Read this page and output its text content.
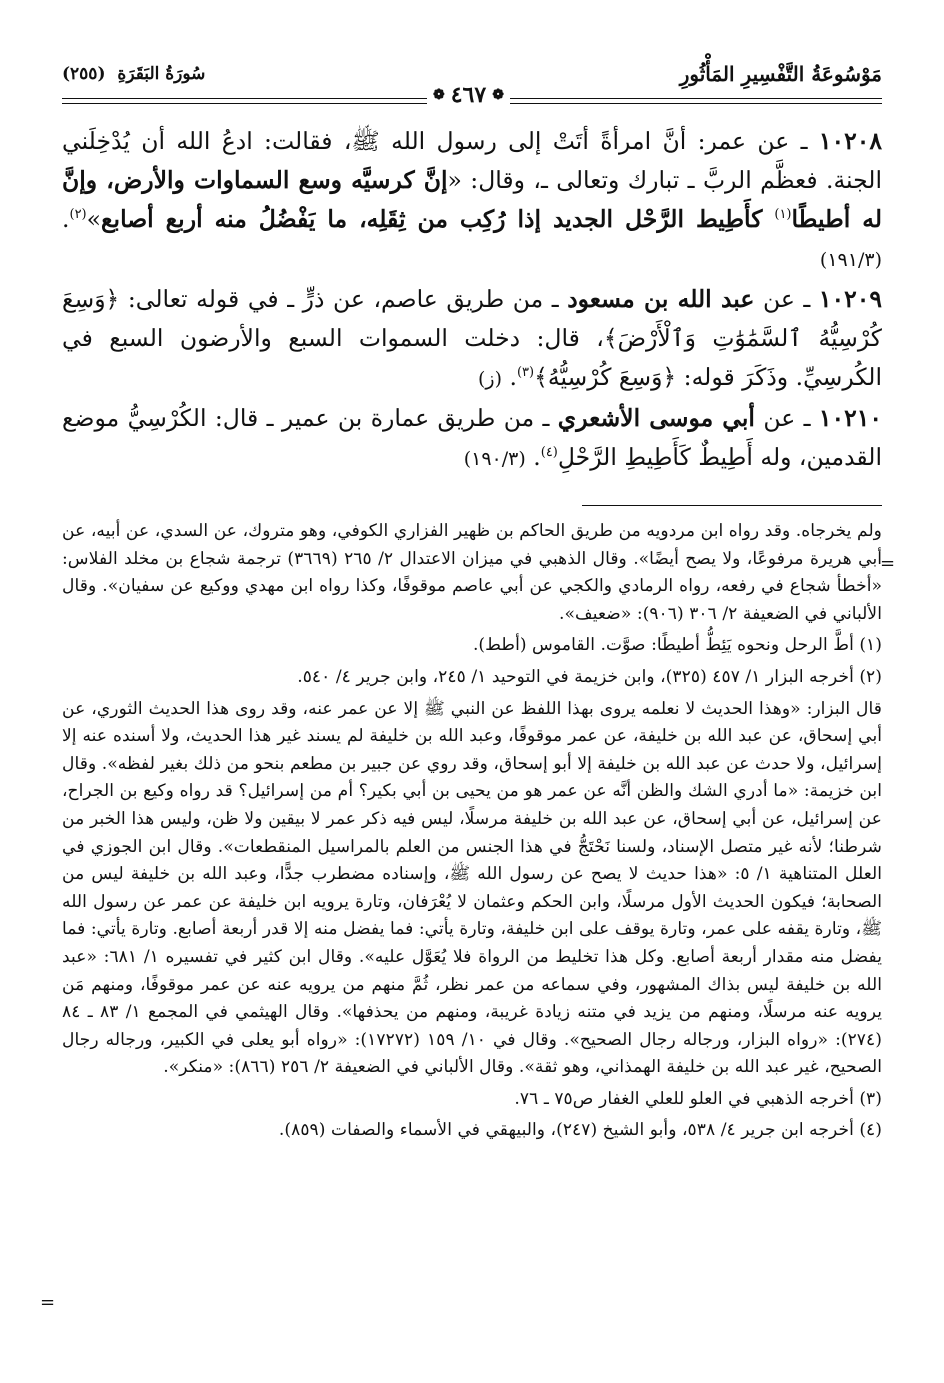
مَوْسُوعَةُ التَّفْسِيرِ المَأْثُورِ
سُورَةُ البَقَرَةِ (٢٥٥)
❁
٤٦٧
❁

١٠٢٠٨ ـ عن عمر: أنَّ امرأةً أتَتْ إلى رسول الله ﷺ، فقالت: ادعُ الله أن يُدْخِلَني الجنة. فعظَّم الربَّ ـ تبارك وتعالى ـ، وقال: «إنَّ كرسيَّه وسع السماوات والأرض، وإنَّ له أطيطًا$^{(١)}$ كأَطِيط الرَّحْل الجديد إذا رُكِب من ثِقَلِه، ما يَفْضُلُ منه أربع أصابع»$^{(٢)}$. (١٩١/٣)

١٠٢٠٩ ـ عن عبد الله بن مسعود ـ من طريق عاصم، عن ذرٍّ ـ في قوله تعالى: ﴿وَسِعَ كُرْسِيُّهُ ٱلسَّمَٰوَٰتِ وَٱلْأَرْضَ﴾، قال: دخلت السموات السبع والأرضون السبع في الكُرسِيِّ. وذَكَرَ قوله: ﴿وَسِعَ كُرْسِيُّهُ﴾$^{(٣)}$. (ز)

١٠٢١٠ ـ عن أبي موسى الأشعري ـ من طريق عمارة بن عمير ـ قال: الكُرْسِيُّ موضع القدمين، وله أَطِيطٌ كَأَطِيطِ الرَّحْلِ$^{(٤)}$. (١٩٠/٣)

ولم يخرجاه. وقد رواه ابن مردويه من طريق الحاكم بن ظهير الفزاري الكوفي، وهو متروك، عن السدي، عن أبيه، عن أبي هريرة مرفوعًا، ولا يصح أيضًا». وقال الذهبي في ميزان الاعتدال ٢/ ٢٦٥ (٣٦٦٩) ترجمة شجاع بن مخلد الفلاس: «أخطأ شجاع في رفعه، رواه الرمادي والكجي عن أبي عاصم موقوفًا، وكذا رواه ابن مهدي ووكيع عن سفيان». وقال الألباني في الضعيفة ٢/ ٣٠٦ (٩٠٦): «ضعيف».

(١) أطَّ الرحل ونحوه يَئِطُّ أطيطًا: صوَّت. القاموس (أطط).

(٢) أخرجه البزار ١/ ٤٥٧ (٣٢٥)، وابن خزيمة في التوحيد ١/ ٢٤٥، وابن جرير ٤/ ٥٤٠.

قال البزار: «وهذا الحديث لا نعلمه يروى بهذا اللفظ عن النبي ﷺ إلا عن عمر عنه، وقد روى هذا الحديث الثوري، عن أبي إسحاق، عن عبد الله بن خليفة، عن عمر موقوفًا، وعبد الله بن خليفة لم يسند غير هذا الحديث، ولا أسنده عنه إلا إسرائيل، ولا حدث عن عبد الله بن خليفة إلا أبو إسحاق، وقد روي عن جبير بن مطعم بنحو من ذلك بغير لفظه». وقال ابن خزيمة: «ما أدري الشك والظن أنَّه عن عمر هو من يحيى بن أبي بكير؟ أم من إسرائيل؟ قد رواه وكيع بن الجراح، عن إسرائيل، عن أبي إسحاق، عن عبد الله بن خليفة مرسلًا، ليس فيه ذكر عمر لا بيقين ولا ظن، وليس هذا الخبر من شرطنا؛ لأنه غير متصل الإسناد، ولسنا نَحْتَجُّ في هذا الجنس من العلم بالمراسيل المنقطعات». وقال ابن الجوزي في العلل المتناهية ١/ ٥: «هذا حديث لا يصح عن رسول الله ﷺ، وإسناده مضطرب جدًّا، وعبد الله بن خليفة ليس من الصحابة؛ فيكون الحديث الأول مرسلًا، وابن الحكم وعثمان لا يُعْرَفان، وتارة يرويه ابن خليفة عن عمر عن رسول الله ﷺ، وتارة يقفه على عمر، وتارة يوقف على ابن خليفة، وتارة يأتي: فما يفضل منه إلا قدر أربعة أصابع. وتارة يأتي: فما يفضل منه مقدار أربعة أصابع. وكل هذا تخليط من الرواة فلا يُعَوَّل عليه». وقال ابن كثير في تفسيره ١/ ٦٨١: «عبد الله بن خليفة ليس بذاك المشهور، وفي سماعه من عمر نظر، ثُمَّ منهم من يرويه عنه عن عمر موقوفًا، ومنهم مَن يرويه عنه مرسلًا، ومنهم من يزيد في متنه زيادة غريبة، ومنهم من يحذفها». وقال الهيثمي في المجمع ١/ ٨٣ ـ ٨٤ (٢٧٤): «رواه البزار، ورجاله رجال الصحيح». وقال في ١٠/ ١٥٩ (١٧٢٧٢): «رواه أبو يعلى في الكبير، ورجاله رجال الصحيح، غير عبد الله بن خليفة الهمذاني، وهو ثقة». وقال الألباني في الضعيفة ٢/ ٢٥٦ (٨٦٦): «منكر».

(٣) أخرجه الذهبي في العلو للعلي الغفار ص٧٥ ـ ٧٦.

(٤) أخرجه ابن جرير ٤/ ٥٣٨، وأبو الشيخ (٢٤٧)، والبيهقي في الأسماء والصفات (٨٥٩).

=
=
